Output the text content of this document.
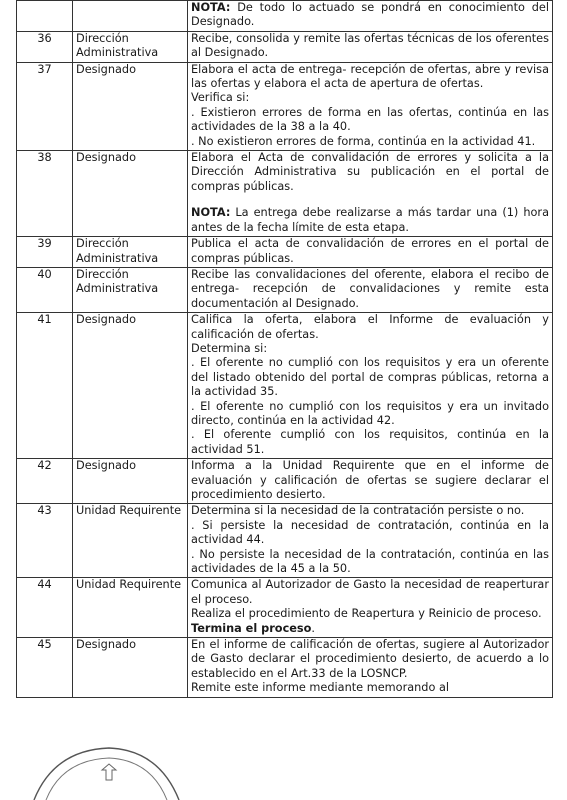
		NOTA: De todo lo actuado se pondrá en conocimiento del Designado.

36	Dirección Administrativa	Recibe, consolida y remite las ofertas técnicas de los oferentes al Designado.

37	Designado	Elabora el acta de entrega- recepción de ofertas, abre y revisa las ofertas y elabora el acta de apertura de ofertas.

Verifica si:

. Existieron errores de forma en las ofertas, continúa en las actividades de la 38 a la 40.

. No existieron errores de forma, continúa en la actividad 41.

38	Designado	Elabora el Acta de convalidación de errores y solicita a la Dirección Administrativa su publicación en el portal de compras públicas.

NOTA: La entrega debe realizarse a más tardar una (1) hora antes de la fecha límite de esta etapa.

39	Dirección Administrativa	Publica el acta de convalidación de errores en el portal de compras públicas.

40	Dirección Administrativa	Recibe las convalidaciones del oferente, elabora el recibo de entrega- recepción de convalidaciones y remite esta documentación al Designado.

41	Designado	Califica la oferta, elabora el Informe de evaluación y calificación de ofertas.

Determina si:

. El oferente no cumplió con los requisitos y era un oferente del listado obtenido del portal de compras públicas, retorna a la actividad 35.

. El oferente no cumplió con los requisitos y era un invitado directo, continúa en la actividad 42.

. El oferente cumplió con los requisitos, continúa en la actividad 51.

42	Designado	Informa a la Unidad Requirente que en el informe de evaluación y calificación de ofertas se sugiere declarar el procedimiento desierto.

43	Unidad Requirente	Determina si la necesidad de la contratación persiste o no.

. Si persiste la necesidad de contratación, continúa en la actividad 44.

. No persiste la necesidad de la contratación, continúa en las actividades de la 45 a la 50.

44	Unidad Requirente	Comunica al Autorizador de Gasto la necesidad de reaperturar el proceso.

Realiza el procedimiento de Reapertura y Reinicio de proceso.

Termina el proceso.

45	Designado	En el informe de calificación de ofertas, sugiere al Autorizador de Gasto declarar el procedimiento desierto, de acuerdo a lo establecido en el Art.33 de la LOSNCP.

Remite este informe mediante memorando al
